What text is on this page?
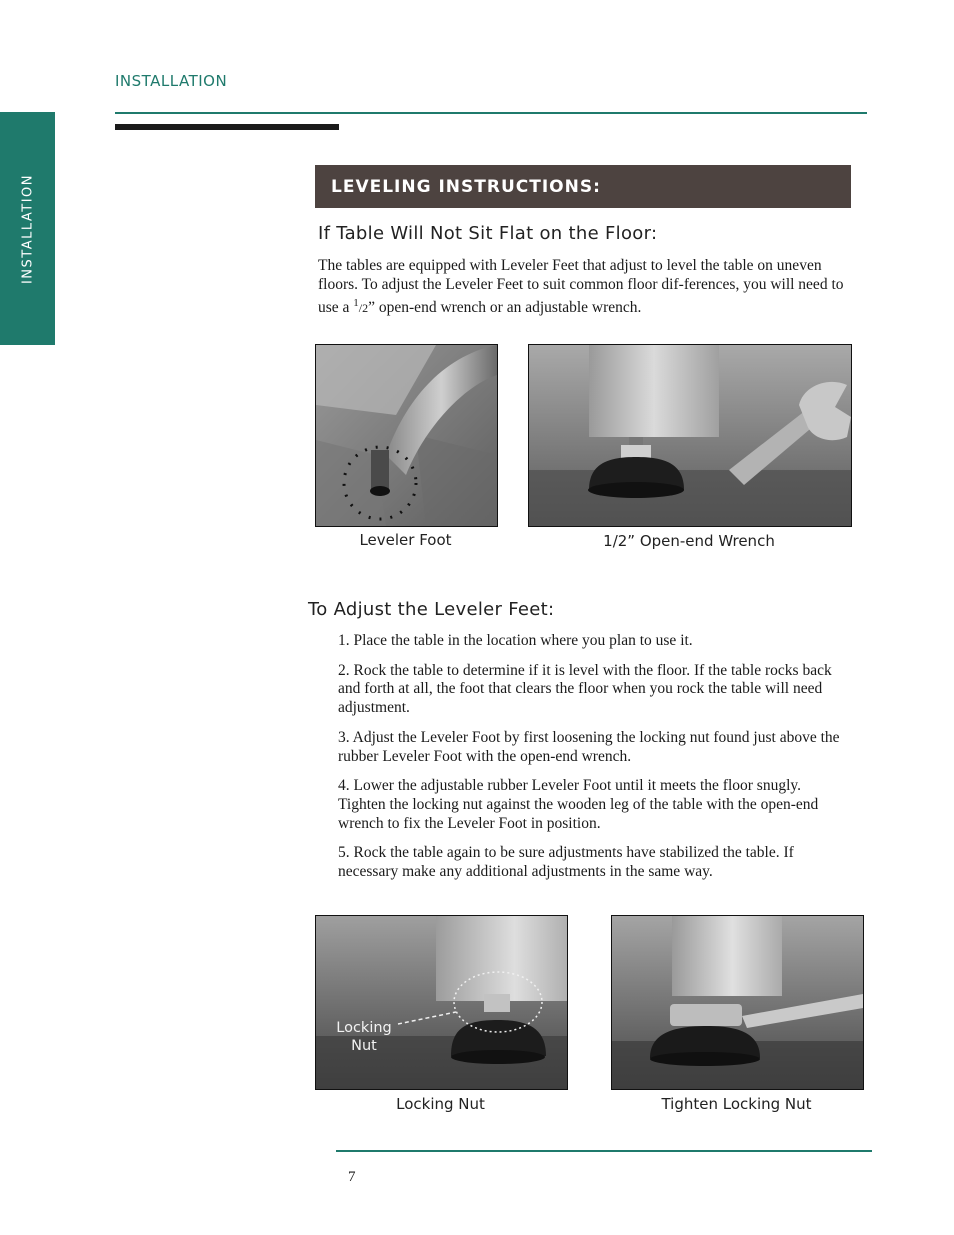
INSTALLATION
INSTALLATION
LEVELING INSTRUCTIONS:
If Table Will Not Sit Flat on the Floor:
The tables are equipped with Leveler Feet that adjust to level the table on uneven floors. To adjust the Leveler Feet to suit common floor dif-ferences, you will need to use a $^1$/2” open-end wrench or an adjustable wrench.
Leveler Foot	1/2” Open-end Wrench
To Adjust the Leveler Feet:
1. Place the table in the location where you plan to use it.
2. Rock the table to determine if it is level with the floor. If the table rocks back and forth at all, the foot that clears the floor when you rock the table will need adjustment.
3. Adjust the Leveler Foot by first loosening the locking nut found just above the rubber Leveler Foot with the open-end wrench.
4. Lower the adjustable rubber Leveler Foot until it meets the floor snugly. Tighten the locking nut against the wooden leg of the table with the open-end wrench to fix the Leveler Foot in position.
5. Rock the table again to be sure adjustments have stabilized the table. If necessary make any additional adjustments in the same way.
Locking
Nut
Locking Nut	Tighten Locking Nut
7
